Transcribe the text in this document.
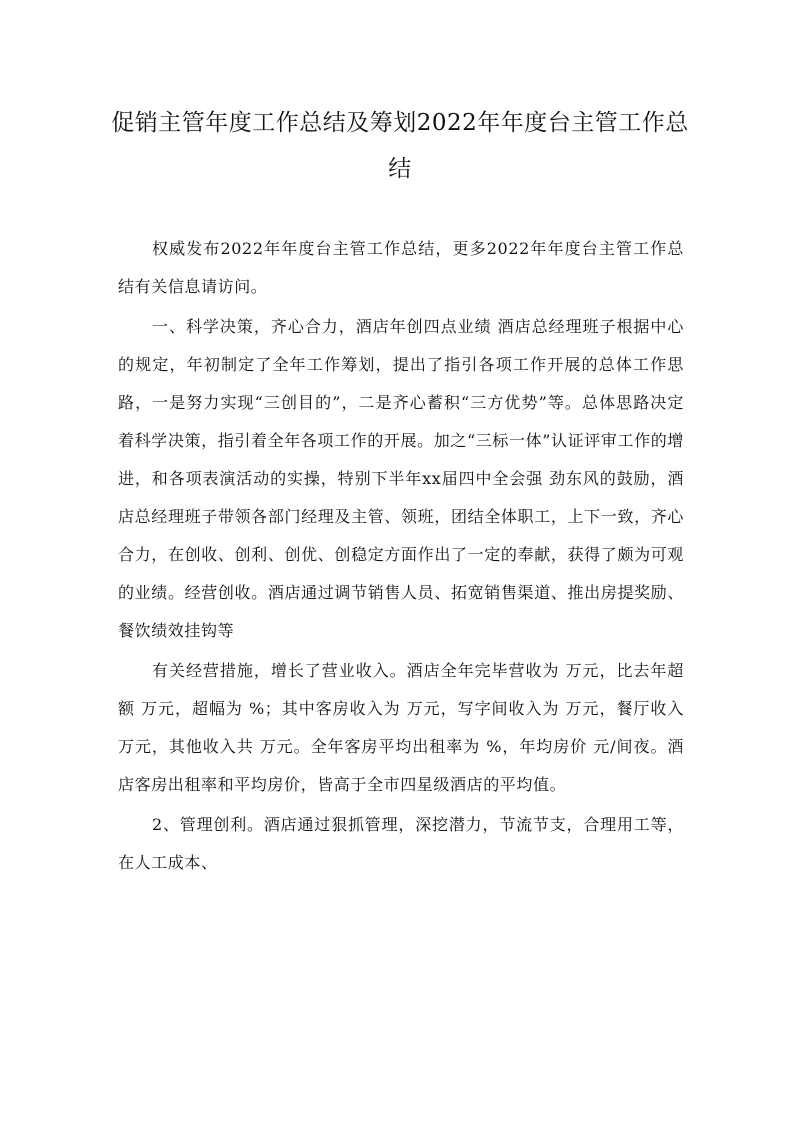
促销主管年度工作总结及筹划2022年年度台主管工作总结

权威发布2022年年度台主管工作总结，更多2022年年度台主管工作总结有关信息请访问。

一、科学决策，齐心合力，酒店年创四点业绩 酒店总经理班子根据中心的规定，年初制定了全年工作筹划，提出了指引各项工作开展的总体工作思路，一是努力实现“三创目的”，二是齐心蓄积“三方优势”等。总体思路决定着科学决策，指引着全年各项工作的开展。加之“三标一体”认证评审工作的增进，和各项表演活动的实操，特别下半年xx届四中全会强 劲东风的鼓励，酒店总经理班子带领各部门经理及主管、领班，团结全体职工，上下一致，齐心合力，在创收、创利、创优、创稳定方面作出了一定的奉献，获得了颇为可观的业绩。经营创收。酒店通过调节销售人员、拓宽销售渠道、推出房提奖励、餐饮绩效挂钩等

有关经营措施，增长了营业收入。酒店全年完毕营收为 万元，比去年超额 万元，超幅为 %；其中客房收入为 万元，写字间收入为 万元，餐厅收入 万元，其他收入共 万元。全年客房平均出租率为 %，年均房价 元/间夜。酒店客房出租率和平均房价，皆高于全市四星级酒店的平均值。

2、管理创利。酒店通过狠抓管理，深挖潜力，节流节支，合理用工等，在人工成本、
